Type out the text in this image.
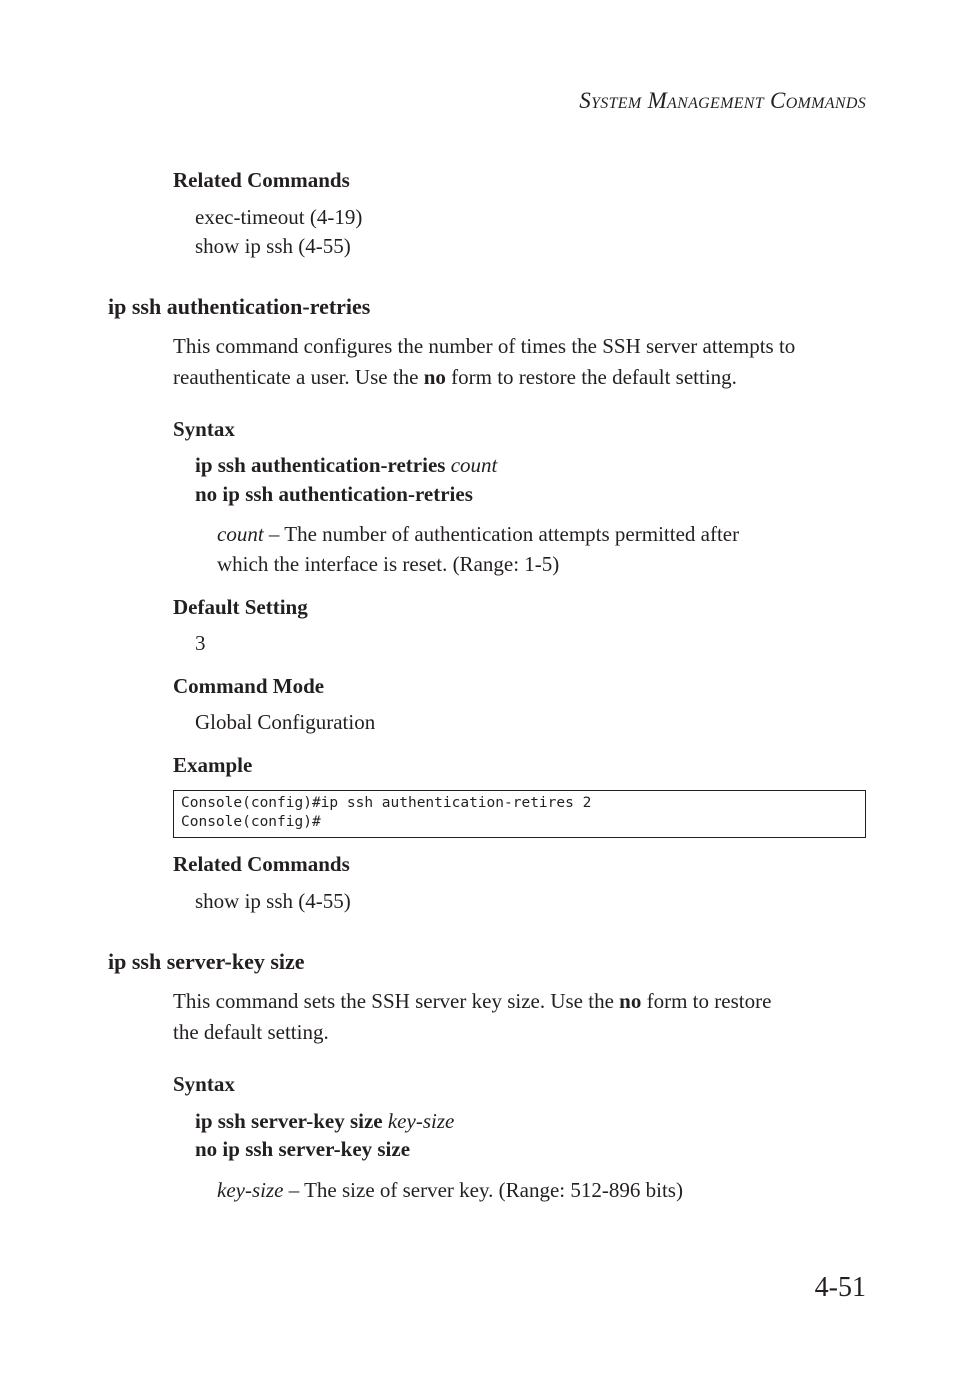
SYSTEM MANAGEMENT COMMANDS
Related Commands
exec-timeout (4-19)
show ip ssh (4-55)
ip ssh authentication-retries
This command configures the number of times the SSH server attempts to
reauthenticate a user. Use the no form to restore the default setting.
Syntax
ip ssh authentication-retries count
no ip ssh authentication-retries
count – The number of authentication attempts permitted after
which the interface is reset. (Range: 1-5)
Default Setting
3
Command Mode
Global Configuration
Example
Console(config)#ip ssh authentication-retires 2
Console(config)#
Related Commands
show ip ssh (4-55)
ip ssh server-key size
This command sets the SSH server key size. Use the no form to restore
the default setting.
Syntax
ip ssh server-key size key-size
no ip ssh server-key size
key-size – The size of server key. (Range: 512-896 bits)
4-51
